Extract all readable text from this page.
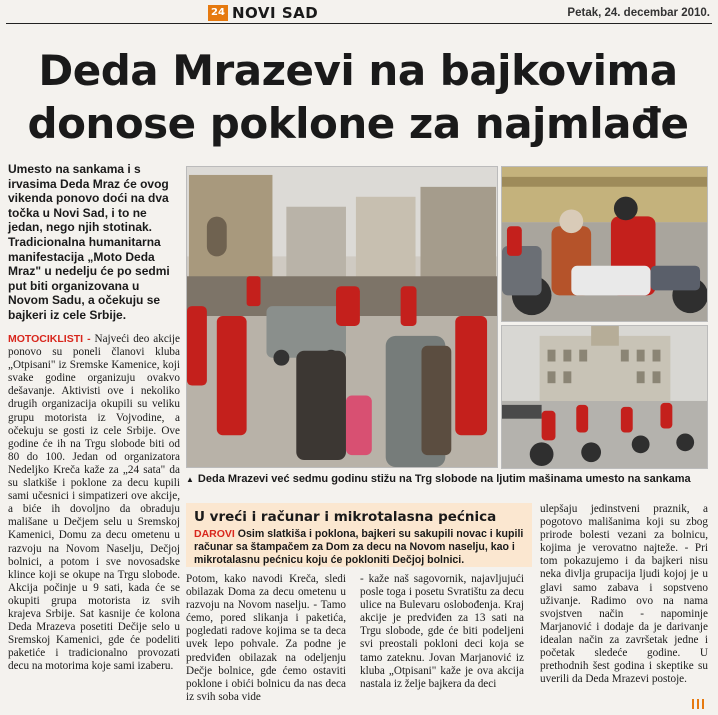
24 NOVI SAD	Petak, 24. decembar 2010.
Deda Mrazevi na bajkovima
donose poklone za najmlađe
Umesto na sankama i s irvasima Deda Mraz će ovog vikenda ponovo doći na dva točka u Novi Sad, i to ne jedan, nego njih stotinak. Tradicionalna humanitarna manifestacija „Moto Deda Mraz" u nedelju će po sedmi put biti organizovana u Novom Sadu, a očekuju se bajkeri iz cele Srbije.

MOTOCIKLISTI - Najveći deo akcije ponovo su poneli članovi kluba „Otpisani" iz Sremske Kamenice, koji svake godine organizuju ovakvo dešavanje. Aktivisti ove i nekoliko drugih organizacija okupili su veliku grupu motorista iz Vojvodine, a očekuju se gosti iz cele Srbije. Ove godine će ih na Trgu slobode biti od 80 do 100. Jedan od organizatora Nedeljko Kreča kaže za „24 sata" da su slatkiše i poklone za decu kupili sami učesnici i simpatizeri ove akcije, a biće ih dovoljno da obraduju mališane u Dečjem selu u Sremskoj Kamenici, Domu za decu ometenu u razvoju na Novom Naselju, Dečjoj bolnici, a potom i sve novosadske klince koji se okupe na Trgu slobode. Akcija počinje u 9 sati, kada će se okupiti grupa motorista iz svih krajeva Srbije. Sat kasnije će kolona Deda Mrazeva posetiti Dečije selo u Sremskoj Kamenici, gde će podeliti paketiće i tradicionalno provozati decu na motorima koje sami izaberu.

▲ Deda Mrazevi već sedmu godinu stižu na Trg slobode na ljutim mašinama umesto na sankama
U vreći i računar i mikrotalasna pećnica
DAROVI Osim slatkiša i poklona, bajkeri su sakupili novac i kupili računar sa štampačem za Dom za decu na Novom naselju, kao i mikrotalasnu pećnicu koju će pokloniti Dečjoj bolnici.

Potom, kako navodi Kreča, sledi obilazak Doma za decu ometenu u razvoju na Novom naselju. - Tamo ćemo, pored slikanja i paketića, pogledati radove kojima se ta deca uvek lepo pohvale. Za podne je predviđen obilazak na odeljenju Dečje bolnice, gde ćemo ostaviti poklone i obići bolnicu da nas deca iz svih soba vide

- kaže naš sagovornik, najavljujući posle toga i posetu Svratištu za decu ulice na Bulevaru oslobođenja. Kraj akcije je predviđen za 13 sati na Trgu slobode, gde će biti podeljeni svi preostali pokloni deci koja se tamo zateknu. Jovan Marjanović iz kluba „Otpisani" kaže je ova akcija nastala iz želje bajkera da deci

ulepšaju jedinstveni praznik, a pogotovo mališanima koji su zbog prirode bolesti vezani za bolnicu, kojima je verovatno najteže. - Pri tom pokazujemo i da bajkeri nisu neka divlja grupacija ljudi kojoj je u glavi samo zabava i sopstveno uživanje. Radimo ovo na nama svojstven način - napominje Marjanović i dodaje da je darivanje idealan način za završetak jedne i početak sledeće godine. U prethodnih šest godina i skeptike su uverili da Deda Mrazevi postoje.
